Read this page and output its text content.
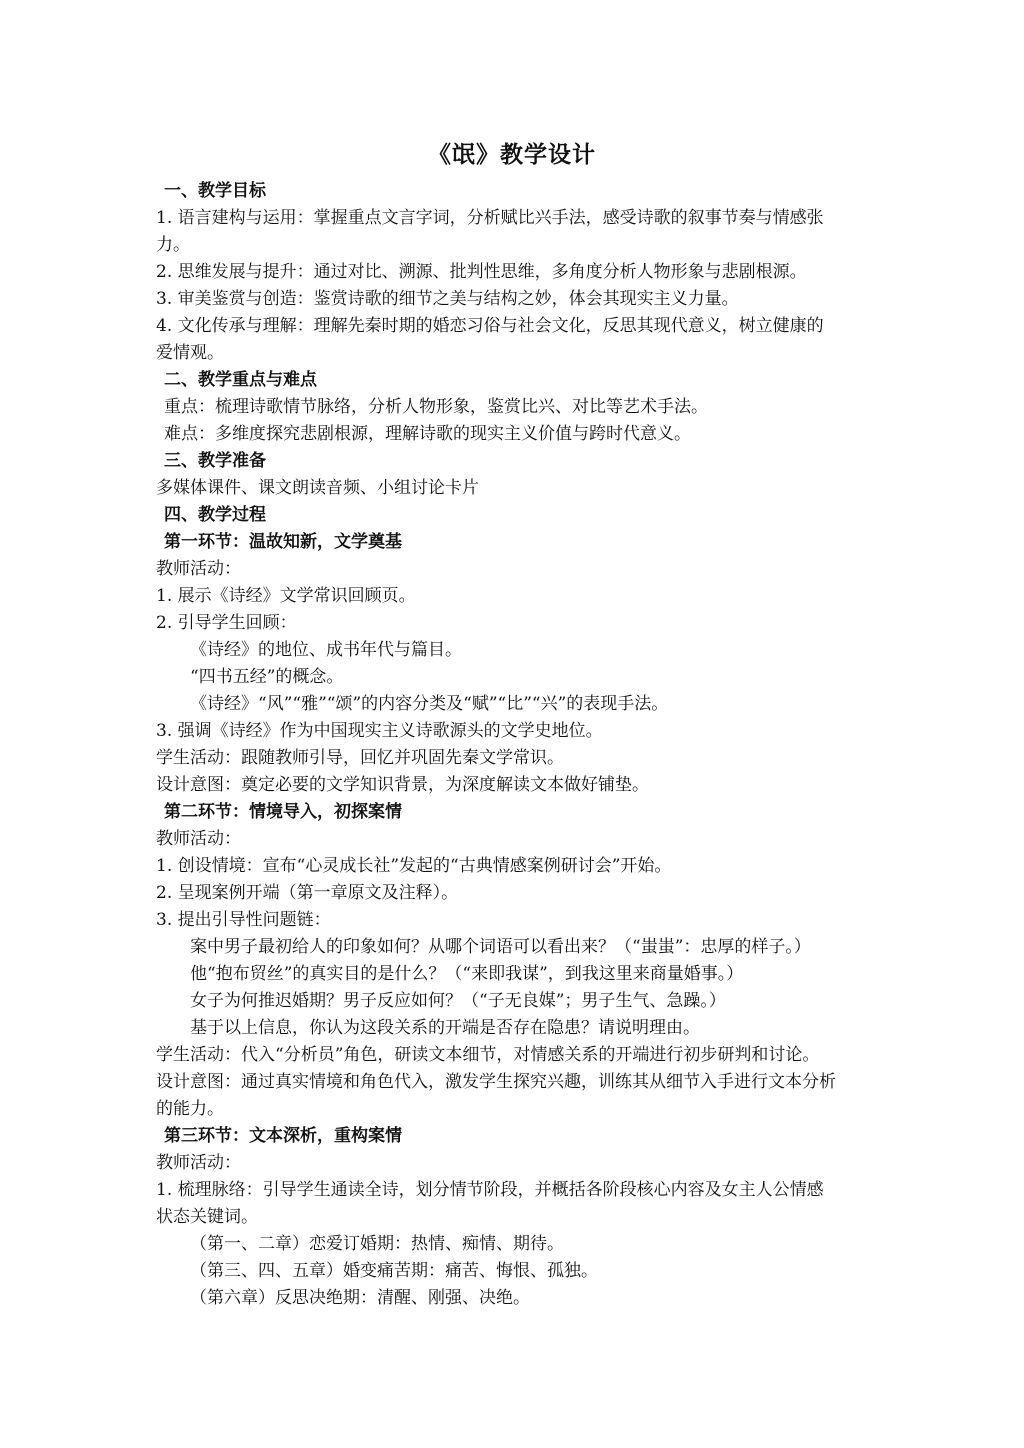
《氓》教学设计
一、教学目标
1. 语言建构与运用：掌握重点文言字词，分析赋比兴手法，感受诗歌的叙事节奏与情感张
力。
2. 思维发展与提升：通过对比、溯源、批判性思维，多角度分析人物形象与悲剧根源。
3. 审美鉴赏与创造：鉴赏诗歌的细节之美与结构之妙，体会其现实主义力量。
4. 文化传承与理解：理解先秦时期的婚恋习俗与社会文化，反思其现代意义，树立健康的
爱情观。
二、教学重点与难点
重点：梳理诗歌情节脉络，分析人物形象，鉴赏比兴、对比等艺术手法。
难点：多维度探究悲剧根源，理解诗歌的现实主义价值与跨时代意义。
三、教学准备
多媒体课件、课文朗读音频、小组讨论卡片
四、教学过程
第一环节：温故知新，文学奠基
教师活动：
1. 展示《诗经》文学常识回顾页。
2. 引导学生回顾：
《诗经》的地位、成书年代与篇目。
“四书五经”的概念。
《诗经》“风”“雅”“颂”的内容分类及“赋”“比”“兴”的表现手法。
3. 强调《诗经》作为中国现实主义诗歌源头的文学史地位。
学生活动：跟随教师引导，回忆并巩固先秦文学常识。
设计意图：奠定必要的文学知识背景，为深度解读文本做好铺垫。
第二环节：情境导入，初探案情
教师活动：
1. 创设情境：宣布“心灵成长社”发起的“古典情感案例研讨会”开始。
2. 呈现案例开端（第一章原文及注释）。
3. 提出引导性问题链：
案中男子最初给人的印象如何？从哪个词语可以看出来？（“蚩蚩”：忠厚的样子。）
他“抱布贸丝”的真实目的是什么？（“来即我谋”，到我这里来商量婚事。）
女子为何推迟婚期？男子反应如何？（“子无良媒”；男子生气、急躁。）
基于以上信息，你认为这段关系的开端是否存在隐患？请说明理由。
学生活动：代入“分析员”角色，研读文本细节，对情感关系的开端进行初步研判和讨论。
设计意图：通过真实情境和角色代入，激发学生探究兴趣，训练其从细节入手进行文本分析
的能力。
第三环节：文本深析，重构案情
教师活动：
1. 梳理脉络：引导学生通读全诗，划分情节阶段，并概括各阶段核心内容及女主人公情感
状态关键词。
（第一、二章）恋爱订婚期：热情、痴情、期待。
（第三、四、五章）婚变痛苦期：痛苦、悔恨、孤独。
（第六章）反思决绝期：清醒、刚强、决绝。
